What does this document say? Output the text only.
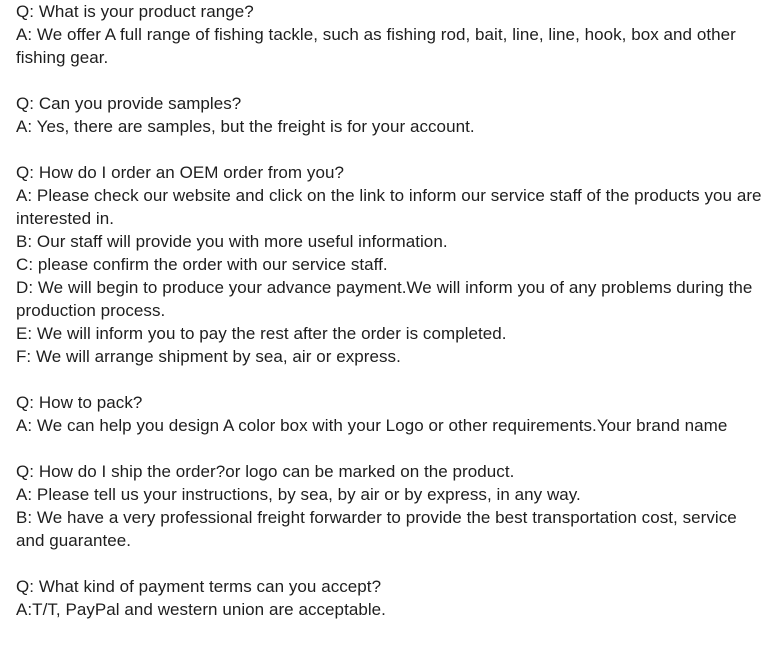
Q: What is your product range?
A: We offer A full range of fishing tackle, such as fishing rod, bait, line, line, hook, box and other fishing gear.
Q: Can you provide samples?
A: Yes, there are samples, but the freight is for your account.
Q: How do I order an OEM order from you?
A: Please check our website and click on the link to inform our service staff of the products you are interested in.
B: Our staff will provide you with more useful information.
C: please confirm the order with our service staff.
D: We will begin to produce your advance payment.We will inform you of any problems during the production process.
E: We will inform you to pay the rest after the order is completed.
F: We will arrange shipment by sea, air or express.
Q: How to pack?
A: We can help you design A color box with your Logo or other requirements.Your brand name
Q: How do I ship the order?or logo can be marked on the product.
A: Please tell us your instructions, by sea, by air or by express, in any way.
B: We have a very professional freight forwarder to provide the best transportation cost, service and guarantee.
Q: What kind of payment terms can you accept?
A:T/T, PayPal and western union are acceptable.
